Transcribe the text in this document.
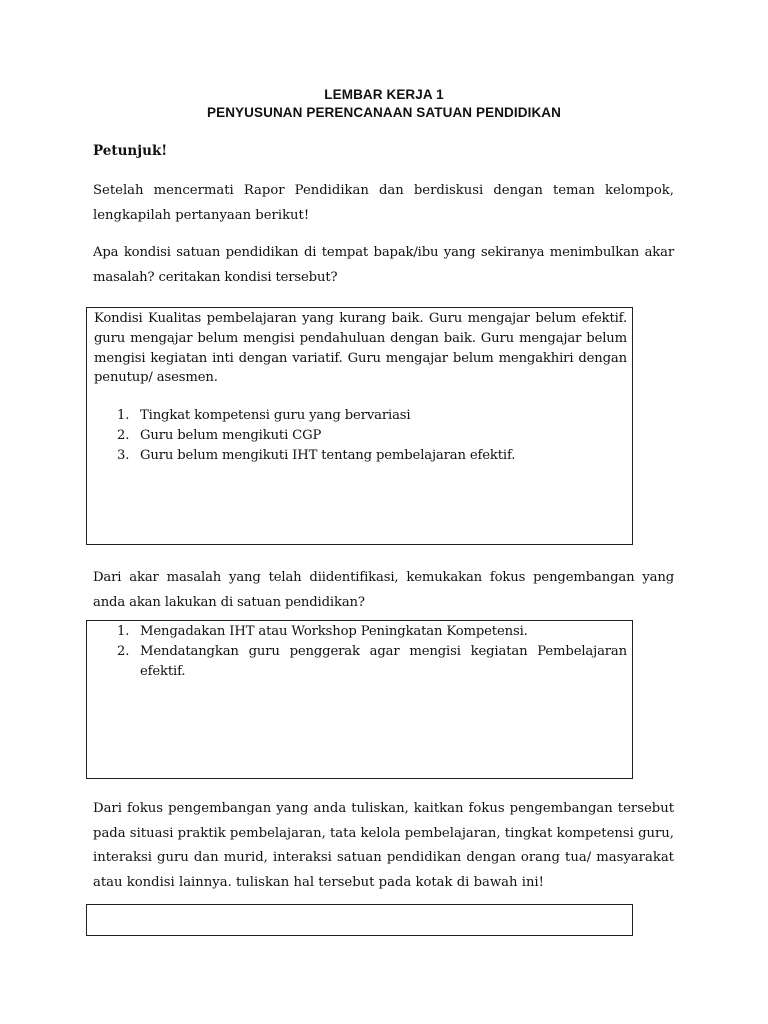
LEMBAR KERJA 1
PENYUSUNAN PERENCANAAN SATUAN PENDIDIKAN
Petunjuk!
Setelah mencermati Rapor Pendidikan dan berdiskusi dengan teman kelompok, lengkapilah pertanyaan berikut!
Apa kondisi satuan pendidikan di tempat bapak/ibu yang sekiranya menimbulkan akar masalah? ceritakan kondisi tersebut?
Kondisi Kualitas pembelajaran yang kurang baik. Guru mengajar belum efektif. guru mengajar belum mengisi pendahuluan dengan baik. Guru mengajar belum mengisi kegiatan inti dengan variatif. Guru mengajar belum mengakhiri dengan penutup/ asesmen.
1. Tingkat kompetensi guru yang bervariasi
2. Guru belum mengikuti CGP
3. Guru belum mengikuti IHT tentang pembelajaran efektif.
Dari akar masalah yang telah diidentifikasi, kemukakan fokus pengembangan yang anda akan lakukan di satuan pendidikan?
1. Mengadakan IHT atau Workshop Peningkatan Kompetensi.
2. Mendatangkan guru penggerak agar mengisi kegiatan Pembelajaran efektif.
Dari fokus pengembangan yang anda tuliskan, kaitkan fokus pengembangan tersebut pada situasi praktik pembelajaran, tata kelola pembelajaran, tingkat kompetensi guru, interaksi guru dan murid, interaksi satuan pendidikan dengan orang tua/ masyarakat atau kondisi lainnya. tuliskan hal tersebut pada kotak di bawah ini!
